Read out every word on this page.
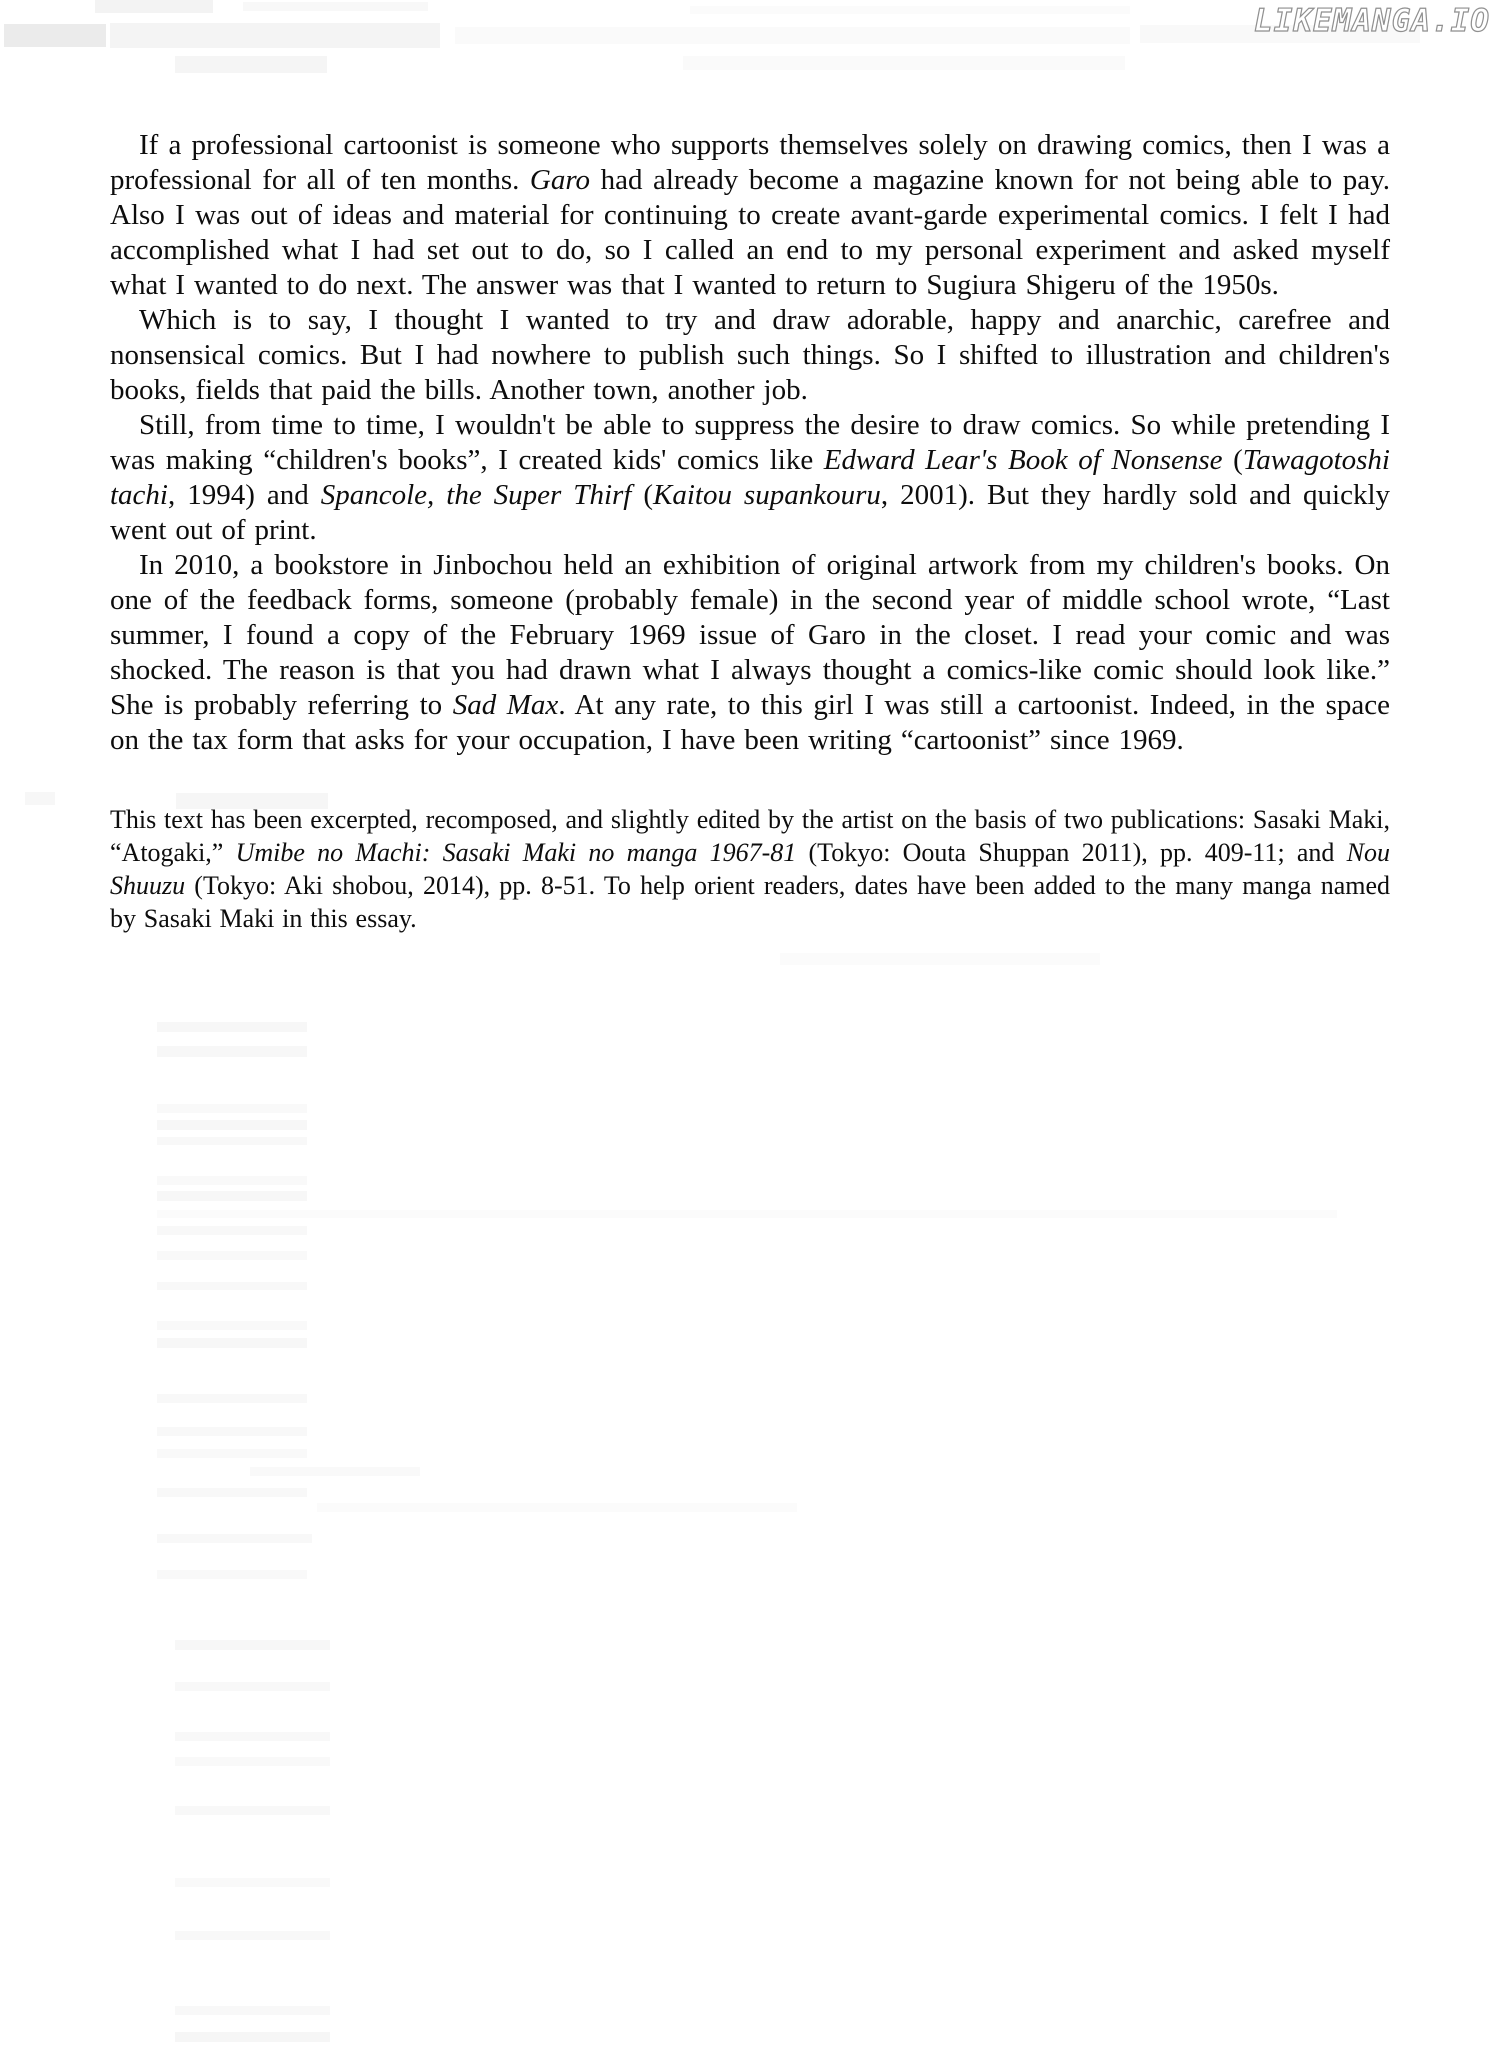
LIKEMANGA.IO

If a professional cartoonist is someone who supports themselves solely on drawing comics, then I was a professional for all of ten months. Garo had already become a magazine known for not being able to pay. Also I was out of ideas and material for continuing to create avant-garde experimental comics. I felt I had accomplished what I had set out to do, so I called an end to my personal experiment and asked myself what I wanted to do next. The answer was that I wanted to return to Sugiura Shigeru of the 1950s.

Which is to say, I thought I wanted to try and draw adorable, happy and anarchic, carefree and nonsensical comics. But I had nowhere to publish such things. So I shifted to illustration and children's books, fields that paid the bills. Another town, another job.

Still, from time to time, I wouldn't be able to suppress the desire to draw comics. So while pretending I was making “children's books”, I created kids' comics like Edward Lear's Book of Nonsense (Tawagotoshi tachi, 1994) and Spancole, the Super Thirf (Kaitou supankouru, 2001). But they hardly sold and quickly went out of print.

In 2010, a bookstore in Jinbochou held an exhibition of original artwork from my children's books. On one of the feedback forms, someone (probably female) in the second year of middle school wrote, “Last summer, I found a copy of the February 1969 issue of Garo in the closet. I read your comic and was shocked. The reason is that you had drawn what I always thought a comics-like comic should look like.” She is probably referring to Sad Max. At any rate, to this girl I was still a cartoonist. Indeed, in the space on the tax form that asks for your occupation, I have been writing “cartoonist” since 1969.

This text has been excerpted, recomposed, and slightly edited by the artist on the basis of two publications: Sasaki Maki, “Atogaki,” Umibe no Machi: Sasaki Maki no manga 1967-81 (Tokyo: Oouta Shuppan 2011), pp. 409-11; and Nou Shuuzu (Tokyo: Aki shobou, 2014), pp. 8-51. To help orient readers, dates have been added to the many manga named by Sasaki Maki in this essay.
